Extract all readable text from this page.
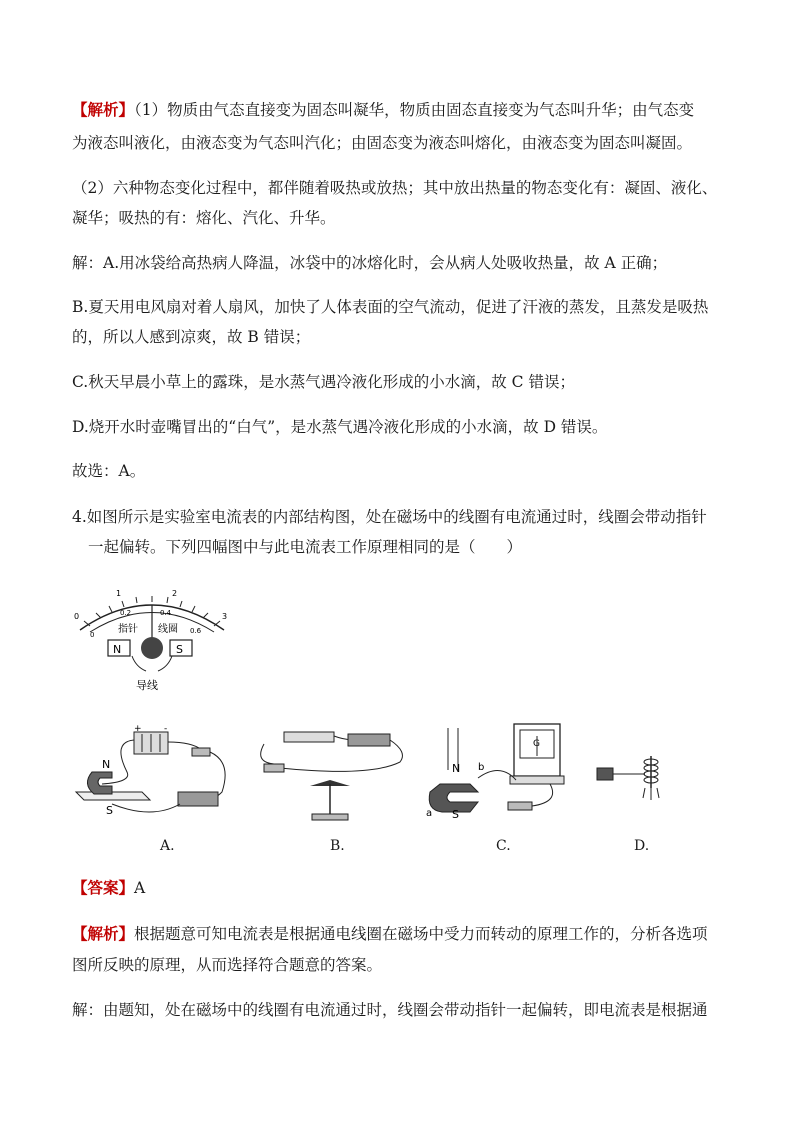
【解析】（1）物质由气态直接变为固态叫凝华，物质由固态直接变为气态叫升华；由气态变
为液态叫液化，由液态变为气态叫汽化；由固态变为液态叫熔化，由液态变为固态叫凝固。
（2）六种物态变化过程中，都伴随着吸热或放热；其中放出热量的物态变化有：凝固、液化、
凝华；吸热的有：熔化、汽化、升华。
解：A.用冰袋给高热病人降温，冰袋中的冰熔化时，会从病人处吸收热量，故 A 正确；
B.夏天用电风扇对着人扇风，加快了人体表面的空气流动，促进了汗液的蒸发，且蒸发是吸热
的，所以人感到凉爽，故 B 错误；
C.秋天早晨小草上的露珠，是水蒸气遇冷液化形成的小水滴，故 C 错误；
D.烧开水时壶嘴冒出的“白气”，是水蒸气遇冷液化形成的小水滴，故 D 错误。
故选：A。
4.如图所示是实验室电流表的内部结构图，处在磁场中的线圈有电流通过时，线圈会带动指针
一起偏转。下列四幅图中与此电流表工作原理相同的是（　　）
1	2
0	3
0
0.2	0.4
0.6
指针 线圈
N	S
导线
+ -
N
S
A.	B.
G
N
S
a
b
C.	D.
【答案】A
【解析】根据题意可知电流表是根据通电线圈在磁场中受力而转动的原理工作的，分析各选项
图所反映的原理，从而选择符合题意的答案。
解：由题知，处在磁场中的线圈有电流通过时，线圈会带动指针一起偏转，即电流表是根据通
